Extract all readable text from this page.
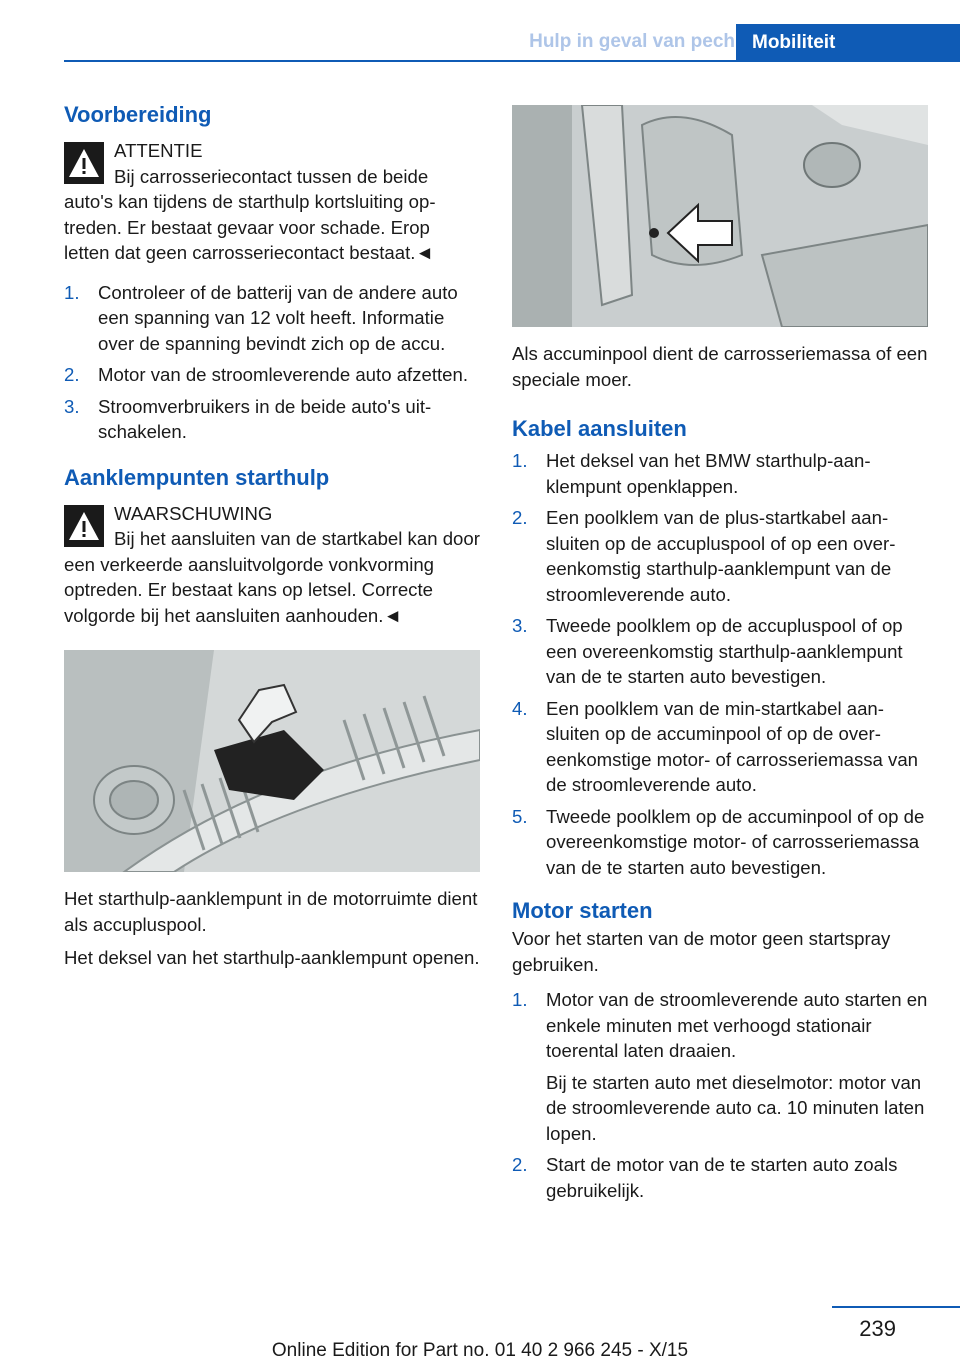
Hulp in geval van pech Mobiliteit
Voorbereiding
ATTENTIE
Bij carrosseriecontact tussen de beide auto's kan tijdens de starthulp kortsluiting optreden. Er bestaat gevaar voor schade. Erop letten dat geen carrosseriecontact bestaat.◄
1. Controleer of de batterij van de andere auto een spanning van 12 volt heeft. Informatie over de spanning bevindt zich op de accu.
2. Motor van de stroomleverende auto afzetten.
3. Stroomverbruikers in de beide auto's uitschakelen.
Aanklempunten starthulp
WAARSCHUWING
Bij het aansluiten van de startkabel kan door een verkeerde aansluitvolgorde vonkvorming optreden. Er bestaat kans op letsel. Correcte volgorde bij het aansluiten aanhouden.◄

Het starthulp-aanklempunt in de motorruimte dient als accupluspool.

Het deksel van het starthulp-aanklempunt openen.

Als accuminpool dient de carrosseriemassa of een speciale moer.

Kabel aansluiten
1. Het deksel van het BMW starthulp-aanklempunt openklappen.
2. Een poolklem van de plus-startkabel aansluiten op de accupluspool of op een overeenkomstig starthulp-aanklempunt van de stroomleverende auto.
3. Tweede poolklem op de accupluspool of op een overeenkomstig starthulp-aanklempunt van de te starten auto bevestigen.
4. Een poolklem van de min-startkabel aansluiten op de accuminpool of op de overeenkomstige motor- of carrosseriemassa van de stroomleverende auto.
5. Tweede poolklem op de accuminpool of op de overeenkomstige motor- of carrosseriemassa van de te starten auto bevestigen.
Motor starten

Voor het starten van de motor geen startspray gebruiken.

1. Motor van de stroomleverende auto starten en enkele minuten met verhoogd stationair toerental laten draaien.

Bij te starten auto met dieselmotor: motor van de stroomleverende auto ca. 10 minuten laten lopen.

2. Start de motor van de te starten auto zoals gebruikelijk.
239
Online Edition for Part no. 01 40 2 966 245 - X/15
